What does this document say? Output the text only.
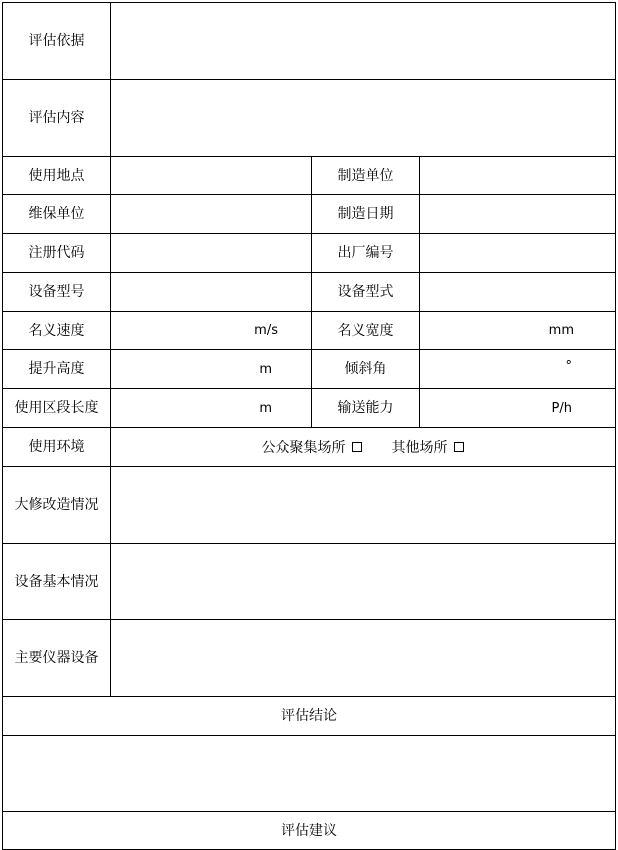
评估依据
评估内容
使用地点	制造单位
维保单位	制造日期
注册代码	出厂编号
设备型号	设备型式
名义速度	m/s	名义宽度	mm
提升高度	m	倾斜角	°
使用区段长度	m	输送能力	P/h
使用环境	公众聚集场所	其他场所
大修改造情况
设备基本情况
主要仪器设备
评估结论
评估建议
